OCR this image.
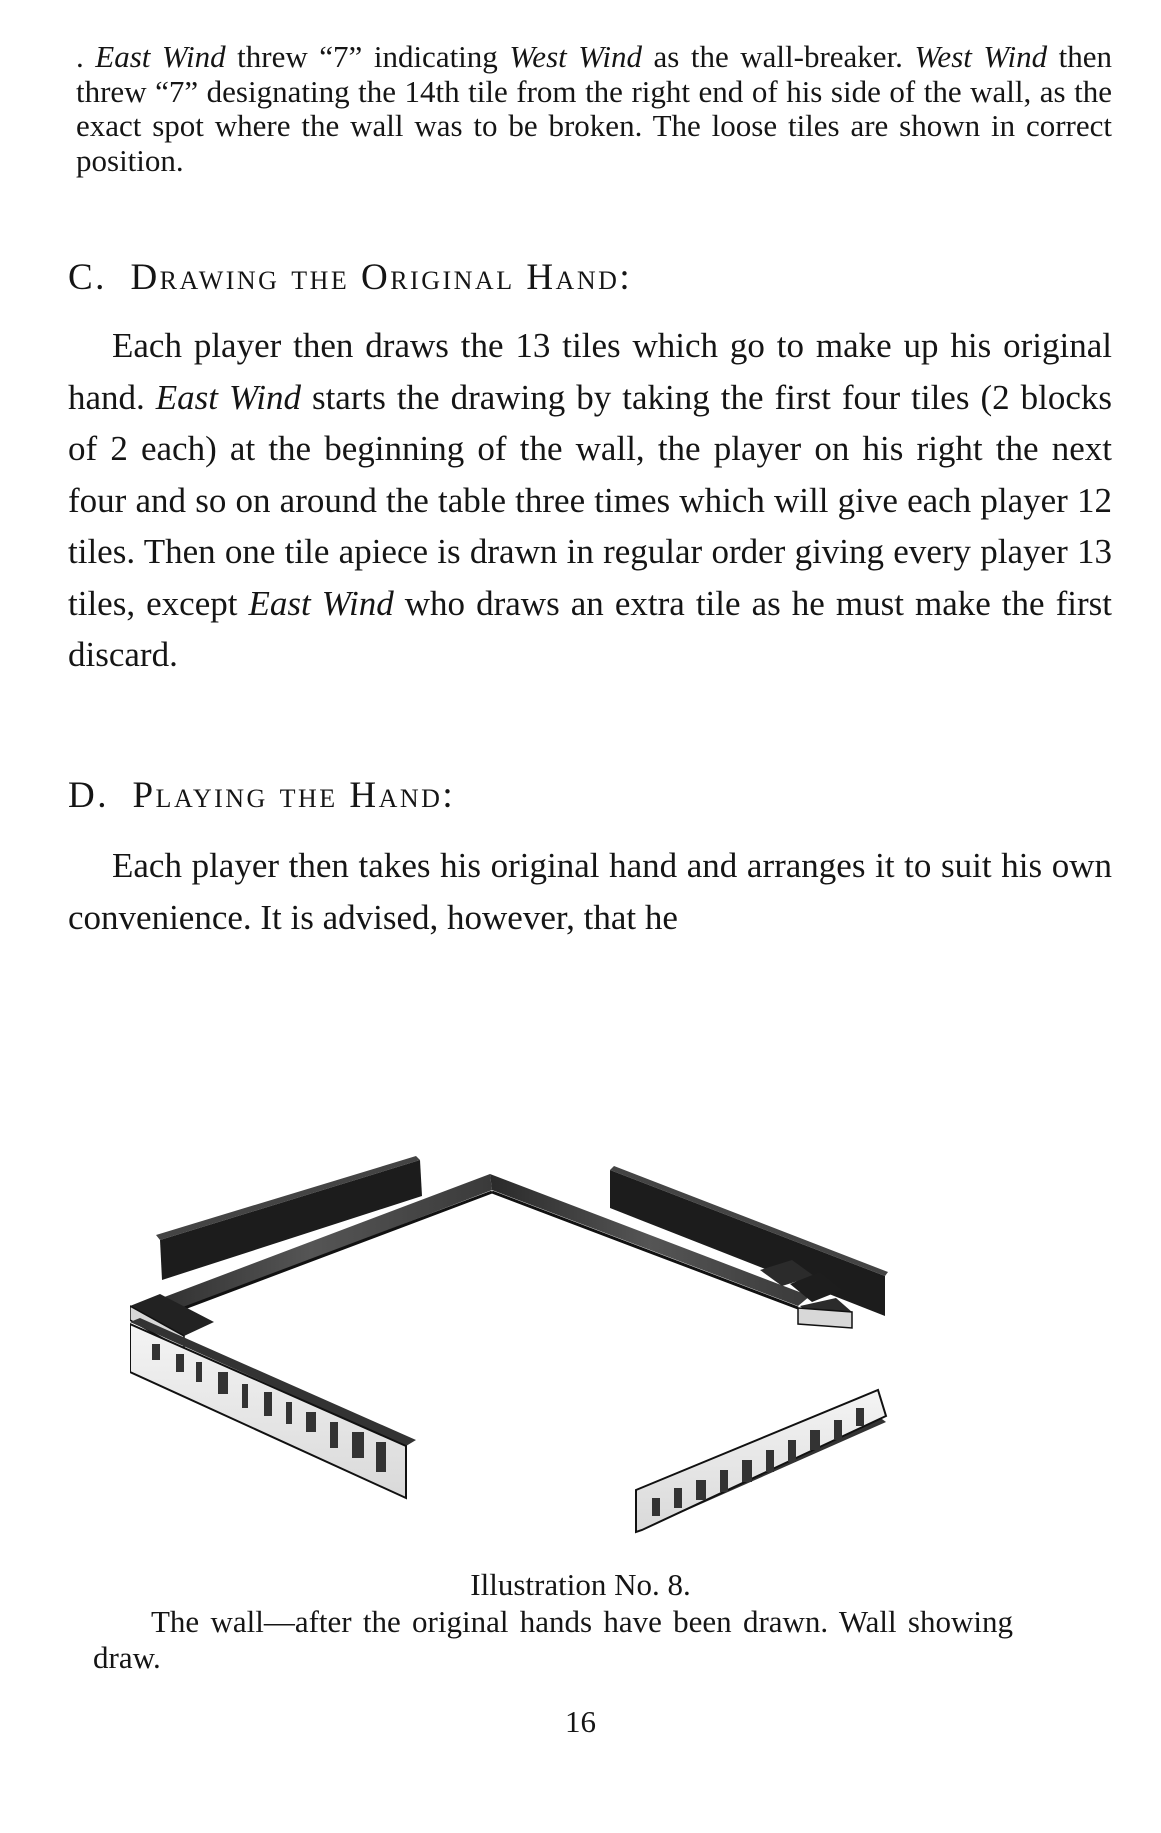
. East Wind threw “7” indicating West Wind as the wall-breaker. West Wind then threw “7” designating the 14th tile from the right end of his side of the wall, as the exact spot where the wall was to be broken. The loose tiles are shown in correct position.

C. Drawing the Original Hand:

Each player then draws the 13 tiles which go to make up his original hand. East Wind starts the drawing by taking the first four tiles (2 blocks of 2 each) at the beginning of the wall, the player on his right the next four and so on around the table three times which will give each player 12 tiles. Then one tile apiece is drawn in regular order giving every player 13 tiles, except East Wind who draws an extra tile as he must make the first discard.

D. Playing the Hand:

Each player then takes his original hand and arranges it to suit his own convenience. It is advised, however, that he

Illustration No. 8.

The wall—after the original hands have been drawn. Wall showing draw.

16
